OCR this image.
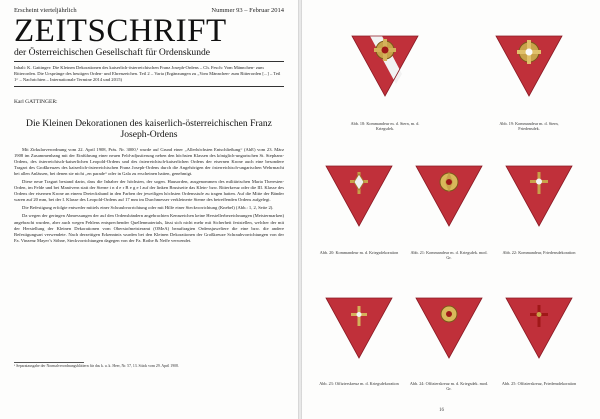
Erscheint vierteljährlich	Nummer 93 – Februar 2014
ZEITSCHRIFT
der Österreichischen Gesellschaft für Ordenskunde
Inhalt: K. Gattinger: Die Kleinen Dekorationen des kaiserlich-österreichischen Franz Joseph-Ordens – Ch. Fesch: Vom Männchen- zum Ritterorden. Die Ursprünge des heutigen Orden- und Ehrenzeichen. Teil 2 – Varia (Ergänzungen zu „Vom Männchen- zum Ritterorden [...] – Teil 1“ – Nachrichten – Internationale Termine 2014 und 2015)
Karl GATTINGER:
Die Kleinen Dekorationen des kaiserlich-österreichischen Franz Joseph-Ordens

Mit Zirkularverordnung vom 22. April 1908, Präs. Nr. 3000,¹ wurde auf Grund einer „Allerhöchsten Entschließung“ (AhE) vom 23. März 1908 im Zusammenhang mit der Einführung einer neuen Feld-adjustierung neben den höchsten Klassen des königlich-ungarischen St. Stephans-Ordens, des österreichisch-kaiserlichen Leopold-Ordens und des österreichisch-kaiserlichen Ordens der eisernen Krone auch eine besondere Tragart des Großkreuzes des kaiserlich-österreichischen Franz Joseph-Ordens durch die Angehörigen der österreichisch-ungarischen Wehrmacht bei allen Anlässen, bei denen sie nicht „en parade“ oder in Gala zu erscheinen hatten, genehmigt.

Diese neue Tragart bestand darin, dass die Inhaber der höchsten, der sogen. Hausorden, ausgenommen des militärischen Maria Theresien-Orden, im Felde und bei Manövern statt der Sterne i n d e r B e g e l auf der linken Brustseite das Klein- bzw. Ritterkreuz oder die III. Klasse des Ordens der eisernen Krone an einem Dreiecksband in den Farben der jeweiligen höchsten Ordensstufe zu tragen hatten. Auf die Mitte der Bänder waren auf 20 mm, bei der I. Klasse des Leopold-Ordens auf 17 mm im Durchmesser verkleinerte Sterne des betreffenden Ordens aufgelegt.

Die Befestigung erfolgte entweder mittels einer Schraubvorrichtung oder mit Hilfe einer Steckvorrichtung (Knebel) (Abb.: 1, 2, Seite 2).

Da wegen der geringen Abmessungen der auf den Ordensbändern angebrachten Kennzeichen keine Herstellerbezeichnungen (Meistermarken) angebracht wurden, aber auch wegen Fehlens entsprechender Quellenmaterials, lässt sich nicht mehr mit Sicherheit feststellen, welcher der mit der Herstellung der Kleinen Dekorationen vom Oberstofmeisteramt (OMeA) beauftragten Ordensjuweliere die eine bzw. die andere Befestigungsart verwendete. Nach derzeitigen Erkenntnis wurden bei den Kleinen Dekorationen der Großkreuze Schraubvorrichtungen von der Fa. Vinzenz Mayer’s Söhne, Steckvorrichtungen dagegen von der Fa. Rothe & Neffe verwendet.

¹ Separatausgabe der Normalverordnungsblättern für das k. u. k. Heer, Nr. 57, 13. Stück vom 29. April 1908.
Abb. 18: Kommandeur m. d. Stern, m. d. Kriegsdek.
Abb. 19: Kommandeur m. d. Stern, Friedensdek.
Abb. 20: Kommandeur m. d. Kriegsdekoration	Abb. 21: Kommandeur m. d. Kriegsdek. mod. Gr.
Abb. 22: Kommandeur, Friedensdekoration
Abb. 23: Offizierskreuz m. d. Kriegsdekoration	Abb. 24: Offizierskreuz m. d. Kriegsdek. mod. Gr.
Abb. 25: Offizierskreuz, Friedensdekoration
16
